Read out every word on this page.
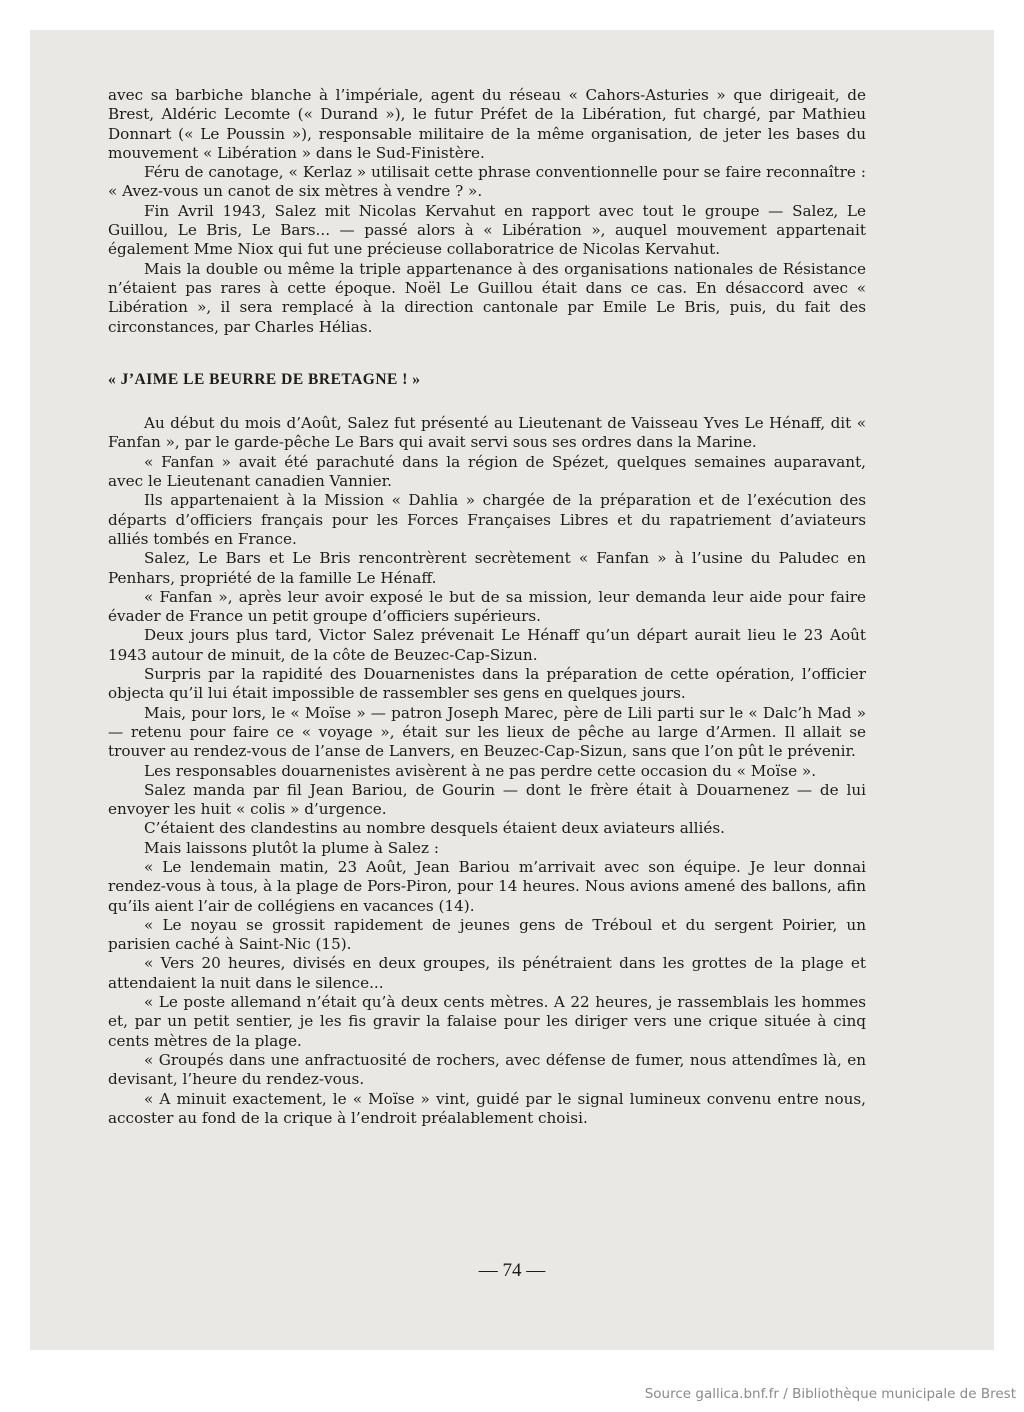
avec sa barbiche blanche à l’impériale, agent du réseau « Cahors-Asturies » que dirigeait, de Brest, Aldéric Lecomte (« Durand »), le futur Préfet de la Libération, fut chargé, par Mathieu Donnart (« Le Poussin »), responsable militaire de la même organisation, de jeter les bases du mouvement « Libération » dans le Sud-Finistère.

Féru de canotage, « Kerlaz » utilisait cette phrase conventionnelle pour se faire reconnaître : « Avez-vous un canot de six mètres à vendre ? ».

Fin Avril 1943, Salez mit Nicolas Kervahut en rapport avec tout le groupe — Salez, Le Guillou, Le Bris, Le Bars... — passé alors à « Libération », auquel mouvement appartenait également Mme Niox qui fut une précieuse collaboratrice de Nicolas Kervahut.

Mais la double ou même la triple appartenance à des organisations nationales de Résistance n’étaient pas rares à cette époque. Noël Le Guillou était dans ce cas. En désaccord avec « Libération », il sera remplacé à la direction cantonale par Emile Le Bris, puis, du fait des circonstances, par Charles Hélias.

« J’AIME LE BEURRE DE BRETAGNE ! »

Au début du mois d’Août, Salez fut présenté au Lieutenant de Vaisseau Yves Le Hénaff, dit « Fanfan », par le garde-pêche Le Bars qui avait servi sous ses ordres dans la Marine.

« Fanfan » avait été parachuté dans la région de Spézet, quelques semaines auparavant, avec le Lieutenant canadien Vannier.

Ils appartenaient à la Mission « Dahlia » chargée de la préparation et de l’exécution des départs d’officiers français pour les Forces Françaises Libres et du rapatriement d’aviateurs alliés tombés en France.

Salez, Le Bars et Le Bris rencontrèrent secrètement « Fanfan » à l’usine du Paludec en Penhars, propriété de la famille Le Hénaff.

« Fanfan », après leur avoir exposé le but de sa mission, leur demanda leur aide pour faire évader de France un petit groupe d’officiers supérieurs.

Deux jours plus tard, Victor Salez prévenait Le Hénaff qu’un départ aurait lieu le 23 Août 1943 autour de minuit, de la côte de Beuzec-Cap-Sizun.

Surpris par la rapidité des Douarnenistes dans la préparation de cette opération, l’officier objecta qu’il lui était impossible de rassembler ses gens en quelques jours.

Mais, pour lors, le « Moïse » — patron Joseph Marec, père de Lili parti sur le « Dalc’h Mad » — retenu pour faire ce « voyage », était sur les lieux de pêche au large d’Armen. Il allait se trouver au rendez-vous de l’anse de Lanvers, en Beuzec-Cap-Sizun, sans que l’on pût le prévenir.

Les responsables douarnenistes avisèrent à ne pas perdre cette occasion du « Moïse ».

Salez manda par fil Jean Bariou, de Gourin — dont le frère était à Douarnenez — de lui envoyer les huit « colis » d’urgence.

C’étaient des clandestins au nombre desquels étaient deux aviateurs alliés.

Mais laissons plutôt la plume à Salez :

« Le lendemain matin, 23 Août, Jean Bariou m’arrivait avec son équipe. Je leur donnai rendez-vous à tous, à la plage de Pors-Piron, pour 14 heures. Nous avions amené des ballons, afin qu’ils aient l’air de collégiens en vacances (14).

« Le noyau se grossit rapidement de jeunes gens de Tréboul et du sergent Poirier, un parisien caché à Saint-Nic (15).

« Vers 20 heures, divisés en deux groupes, ils pénétraient dans les grottes de la plage et attendaient la nuit dans le silence...

« Le poste allemand n’était qu’à deux cents mètres. A 22 heures, je rassemblais les hommes et, par un petit sentier, je les fis gravir la falaise pour les diriger vers une crique située à cinq cents mètres de la plage.

« Groupés dans une anfractuosité de rochers, avec défense de fumer, nous attendîmes là, en devisant, l’heure du rendez-vous.

« A minuit exactement, le « Moïse » vint, guidé par le signal lumineux convenu entre nous, accoster au fond de la crique à l’endroit préalablement choisi.

— 74 —
Source gallica.bnf.fr / Bibliothèque municipale de Brest
